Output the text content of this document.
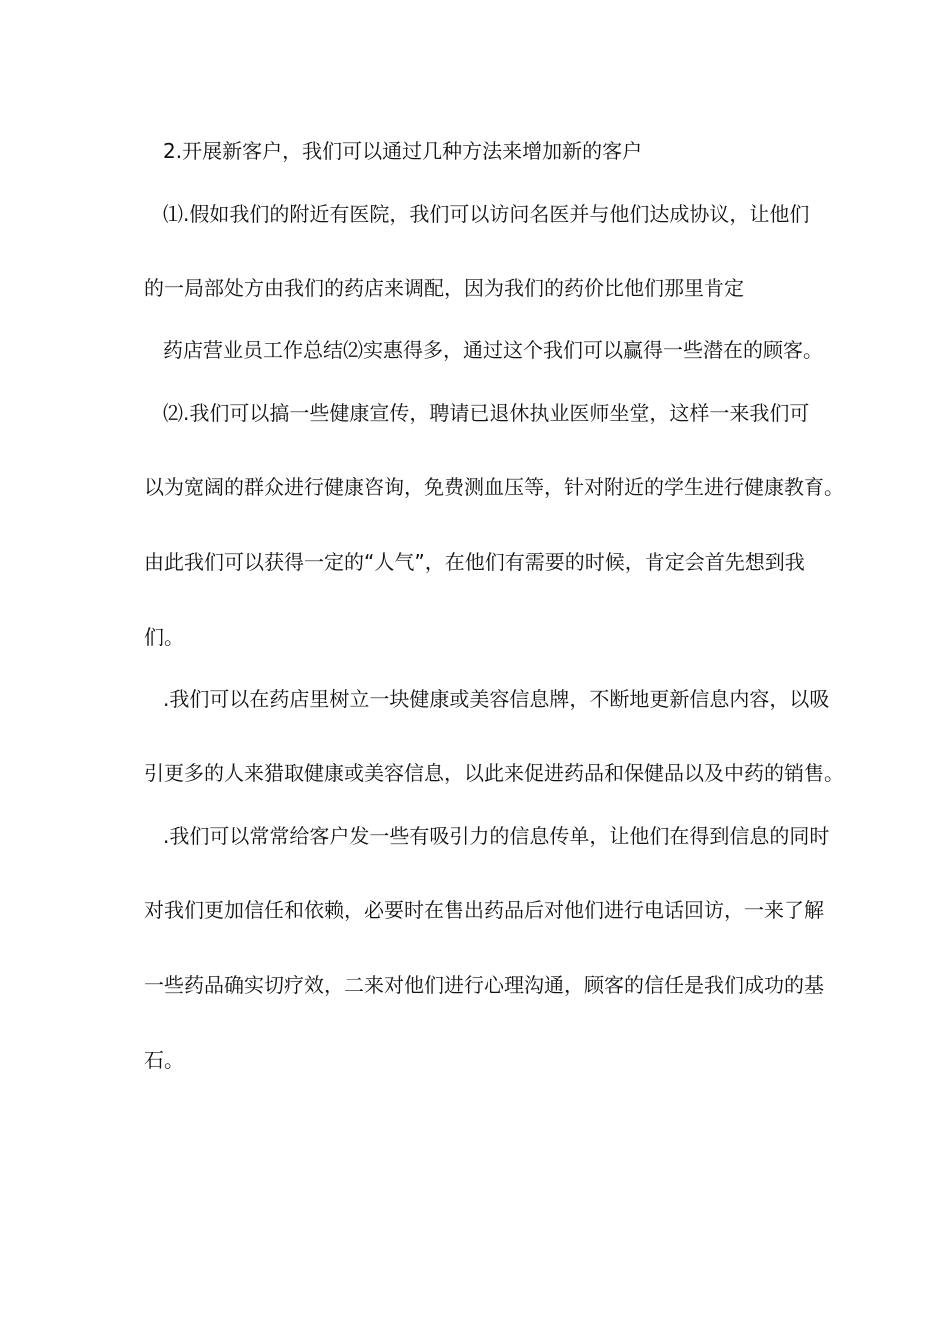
2.开展新客户，我们可以通过几种方法来增加新的客户

⑴.假如我们的附近有医院，我们可以访问名医并与他们达成协议，让他们

的一局部处方由我们的药店来调配，因为我们的药价比他们那里肯定

药店营业员工作总结⑵实惠得多，通过这个我们可以赢得一些潜在的顾客。

⑵.我们可以搞一些健康宣传，聘请已退休执业医师坐堂，这样一来我们可

以为宽阔的群众进行健康咨询，免费测血压等，针对附近的学生进行健康教育。

由此我们可以获得一定的“人气”，在他们有需要的时候，肯定会首先想到我

们。

.我们可以在药店里树立一块健康或美容信息牌，不断地更新信息内容，以吸

引更多的人来猎取健康或美容信息，以此来促进药品和保健品以及中药的销售。

.我们可以常常给客户发一些有吸引力的信息传单，让他们在得到信息的同时

对我们更加信任和依赖，必要时在售出药品后对他们进行电话回访，一来了解

一些药品确实切疗效，二来对他们进行心理沟通，顾客的信任是我们成功的基

石。
